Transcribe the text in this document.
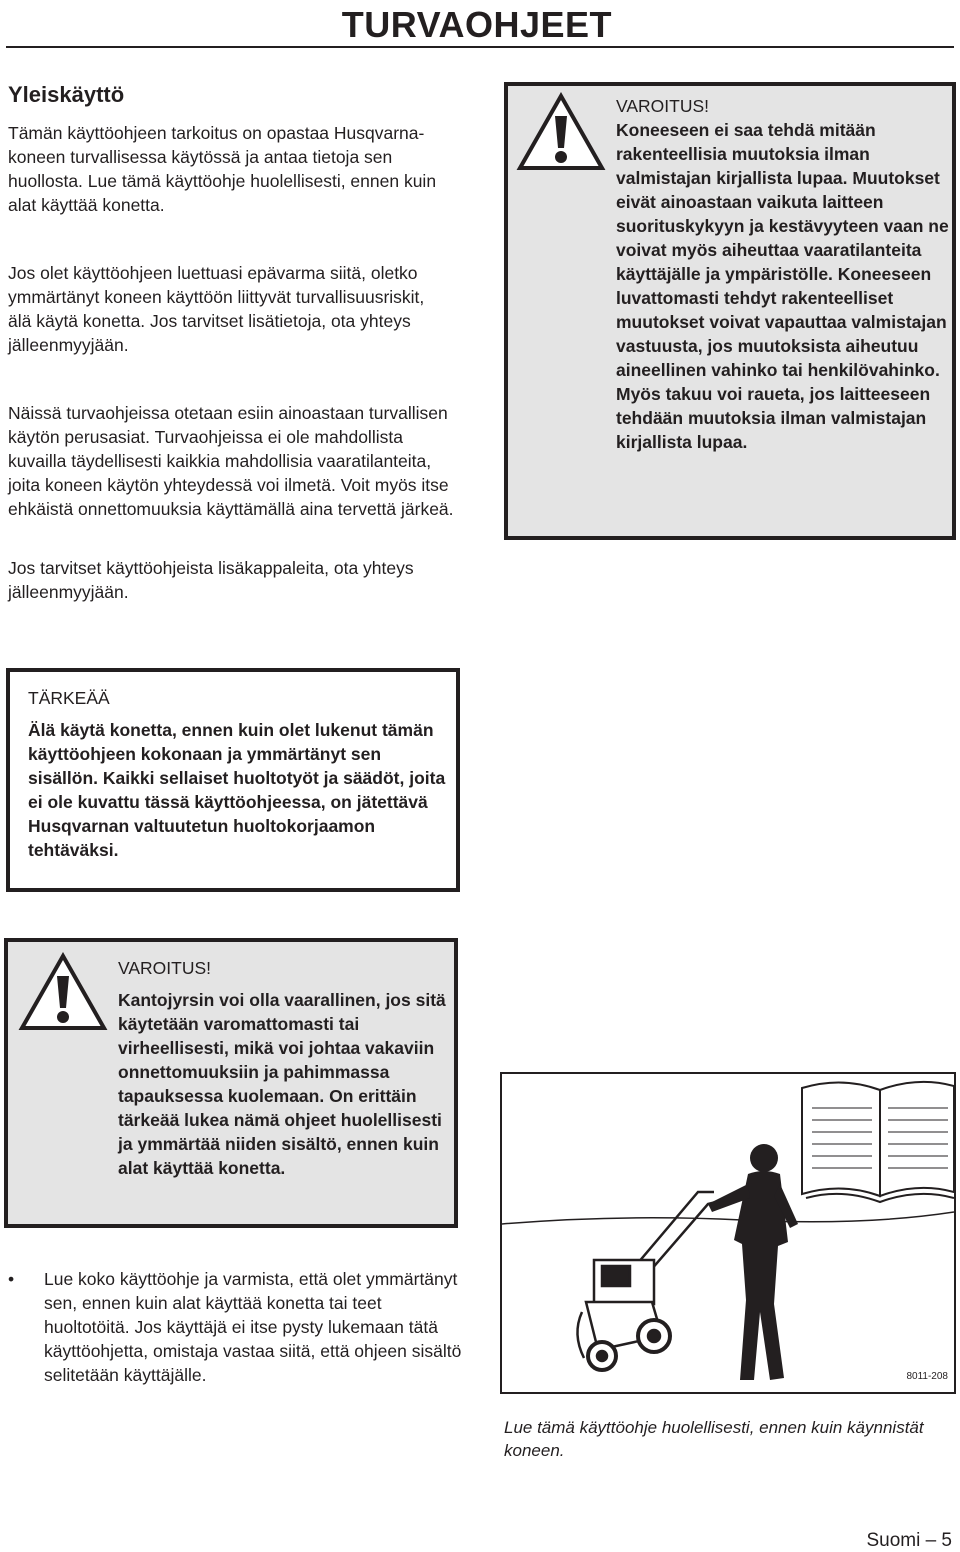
TURVAOHJEET
Yleiskäyttö

Tämän käyttöohjeen tarkoitus on opastaa Husqvarna-koneen turvallisessa käytössä ja antaa tietoja sen huollosta. Lue tämä käyttöohje huolellisesti, ennen kuin alat käyttää konetta.

Jos olet käyttöohjeen luettuasi epävarma siitä, oletko ymmärtänyt koneen käyttöön liittyvät turvallisuusriskit, älä käytä konetta. Jos tarvitset lisätietoja, ota yhteys jälleenmyyjään.

Näissä turvaohjeissa otetaan esiin ainoastaan turvallisen käytön perusasiat. Turvaohjeissa ei ole mahdollista kuvailla täydellisesti kaikkia mahdollisia vaaratilanteita, joita koneen käytön yhteydessä voi ilmetä. Voit myös itse ehkäistä onnettomuuksia käyttämällä aina tervettä järkeä.

Jos tarvitset käyttöohjeista lisäkappaleita, ota yhteys jälleenmyyjään.

VAROITUS!
Koneeseen ei saa tehdä mitään rakenteellisia muutoksia ilman valmistajan kirjallista lupaa. Muutokset eivät ainoastaan vaikuta laitteen suorituskykyyn ja kestävyyteen vaan ne voivat myös aiheuttaa vaaratilanteita käyttäjälle ja ympäristölle. Koneeseen luvattomasti tehdyt rakenteelliset muutokset voivat vapauttaa valmistajan vastuusta, jos muutoksista aiheutuu aineellinen vahinko tai henkilövahinko. Myös takuu voi raueta, jos laitteeseen tehdään muutoksia ilman valmistajan kirjallista lupaa.
TÄRKEÄÄ
Älä käytä konetta, ennen kuin olet lukenut tämän käyttöohjeen kokonaan ja ymmärtänyt sen sisällön. Kaikki sellaiset huoltotyöt ja säädöt, joita ei ole kuvattu tässä käyttöohjeessa, on jätettävä Husqvarnan valtuutetun huoltokorjaamon tehtäväksi.
VAROITUS!
Kantojyrsin voi olla vaarallinen, jos sitä käytetään varomattomasti tai virheellisesti, mikä voi johtaa vakaviin onnettomuuksiin ja pahimmassa tapauksessa kuolemaan. On erittäin tärkeää lukea nämä ohjeet huolellisesti ja ymmärtää niiden sisältö, ennen kuin alat käyttää konetta.
• Lue koko käyttöohje ja varmista, että olet ymmärtänyt sen, ennen kuin alat käyttää konetta tai teet huoltotöitä. Jos käyttäjä ei itse pysty lukemaan tätä käyttöohjetta, omistaja vastaa siitä, että ohjeen sisältö selitetään käyttäjälle.	8011-208
Lue tämä käyttöohje huolellisesti, ennen kuin käynnistät koneen.
Suomi – 5
